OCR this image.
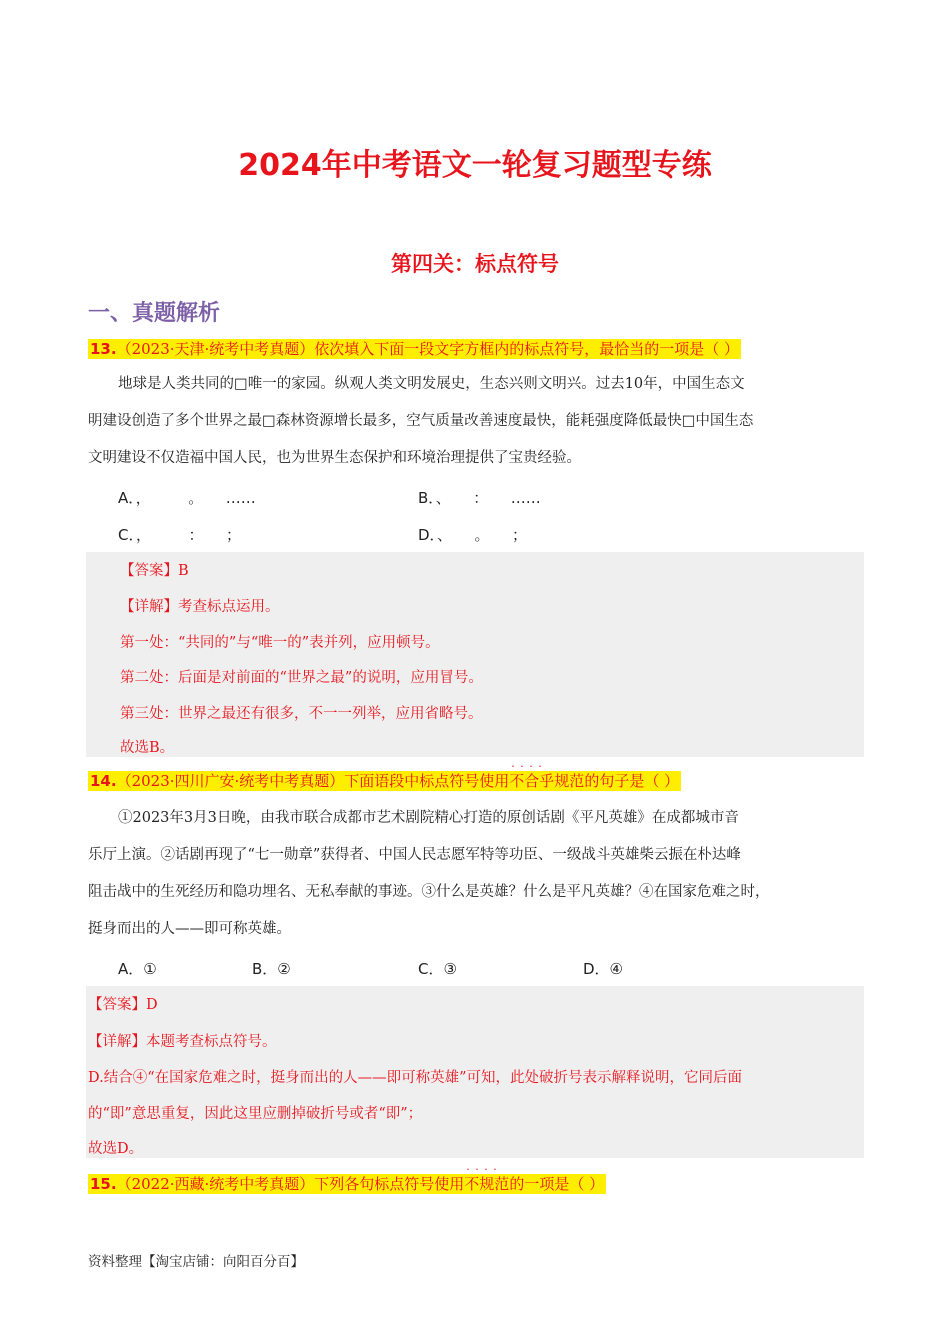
2024年中考语文一轮复习题型专练
第四关：标点符号
一、真题解析
13.（2023·天津·统考中考真题）依次填入下面一段文字方框内的标点符号，最恰当的一项是（ ）

地球是人类共同的□唯一的家园。纵观人类文明发展史，生态兴则文明兴。过去10年，中国生态文

明建设创造了多个世界之最□森林资源增长最多，空气质量改善速度最快，能耗强度降低最快□中国生态
文明建设不仅造福中国人民，也为世界生态保护和环境治理提供了宝贵经验。
A．，　　　。　　……	B．、　　：　　……
C．，　　　：　　；	D．、　　。　　；
【答案】B
【详解】考查标点运用。
第一处：“共同的”与“唯一的”表并列，应用顿号。
第二处：后面是对前面的“世界之最”的说明，应用冒号。
第三处：世界之最还有很多，不一一列举，应用省略号。
故选B。
14.（2023·四川广安·统考中考真题）下面语段中标点符号使用· · · · 不合乎规范的句子是（ ）

①2023年3月3日晚，由我市联合成都市艺术剧院精心打造的原创话剧《平凡英雄》在成都城市音

乐厅上演。②话剧再现了“七一勋章”获得者、中国人民志愿军特等功臣、一级战斗英雄柴云振在朴达峰
阻击战中的生死经历和隐功埋名、无私奉献的事迹。③什么是英雄？什么是平凡英雄？④在国家危难之时，
挺身而出的人——即可称英雄。
A．①	B．②	C．③	D．④
【答案】D
【详解】本题考查标点符号。
D.结合④“在国家危难之时，挺身而出的人——即可称英雄”可知，此处破折号表示解释说明，它同后面
的“即”意思重复，因此这里应删掉破折号或者“即”；
故选D。
15.（2022·西藏·统考中考真题）下列各句标点符号使用· · · · 不规范的一项是（ ）
资料整理【淘宝店铺：向阳百分百】
